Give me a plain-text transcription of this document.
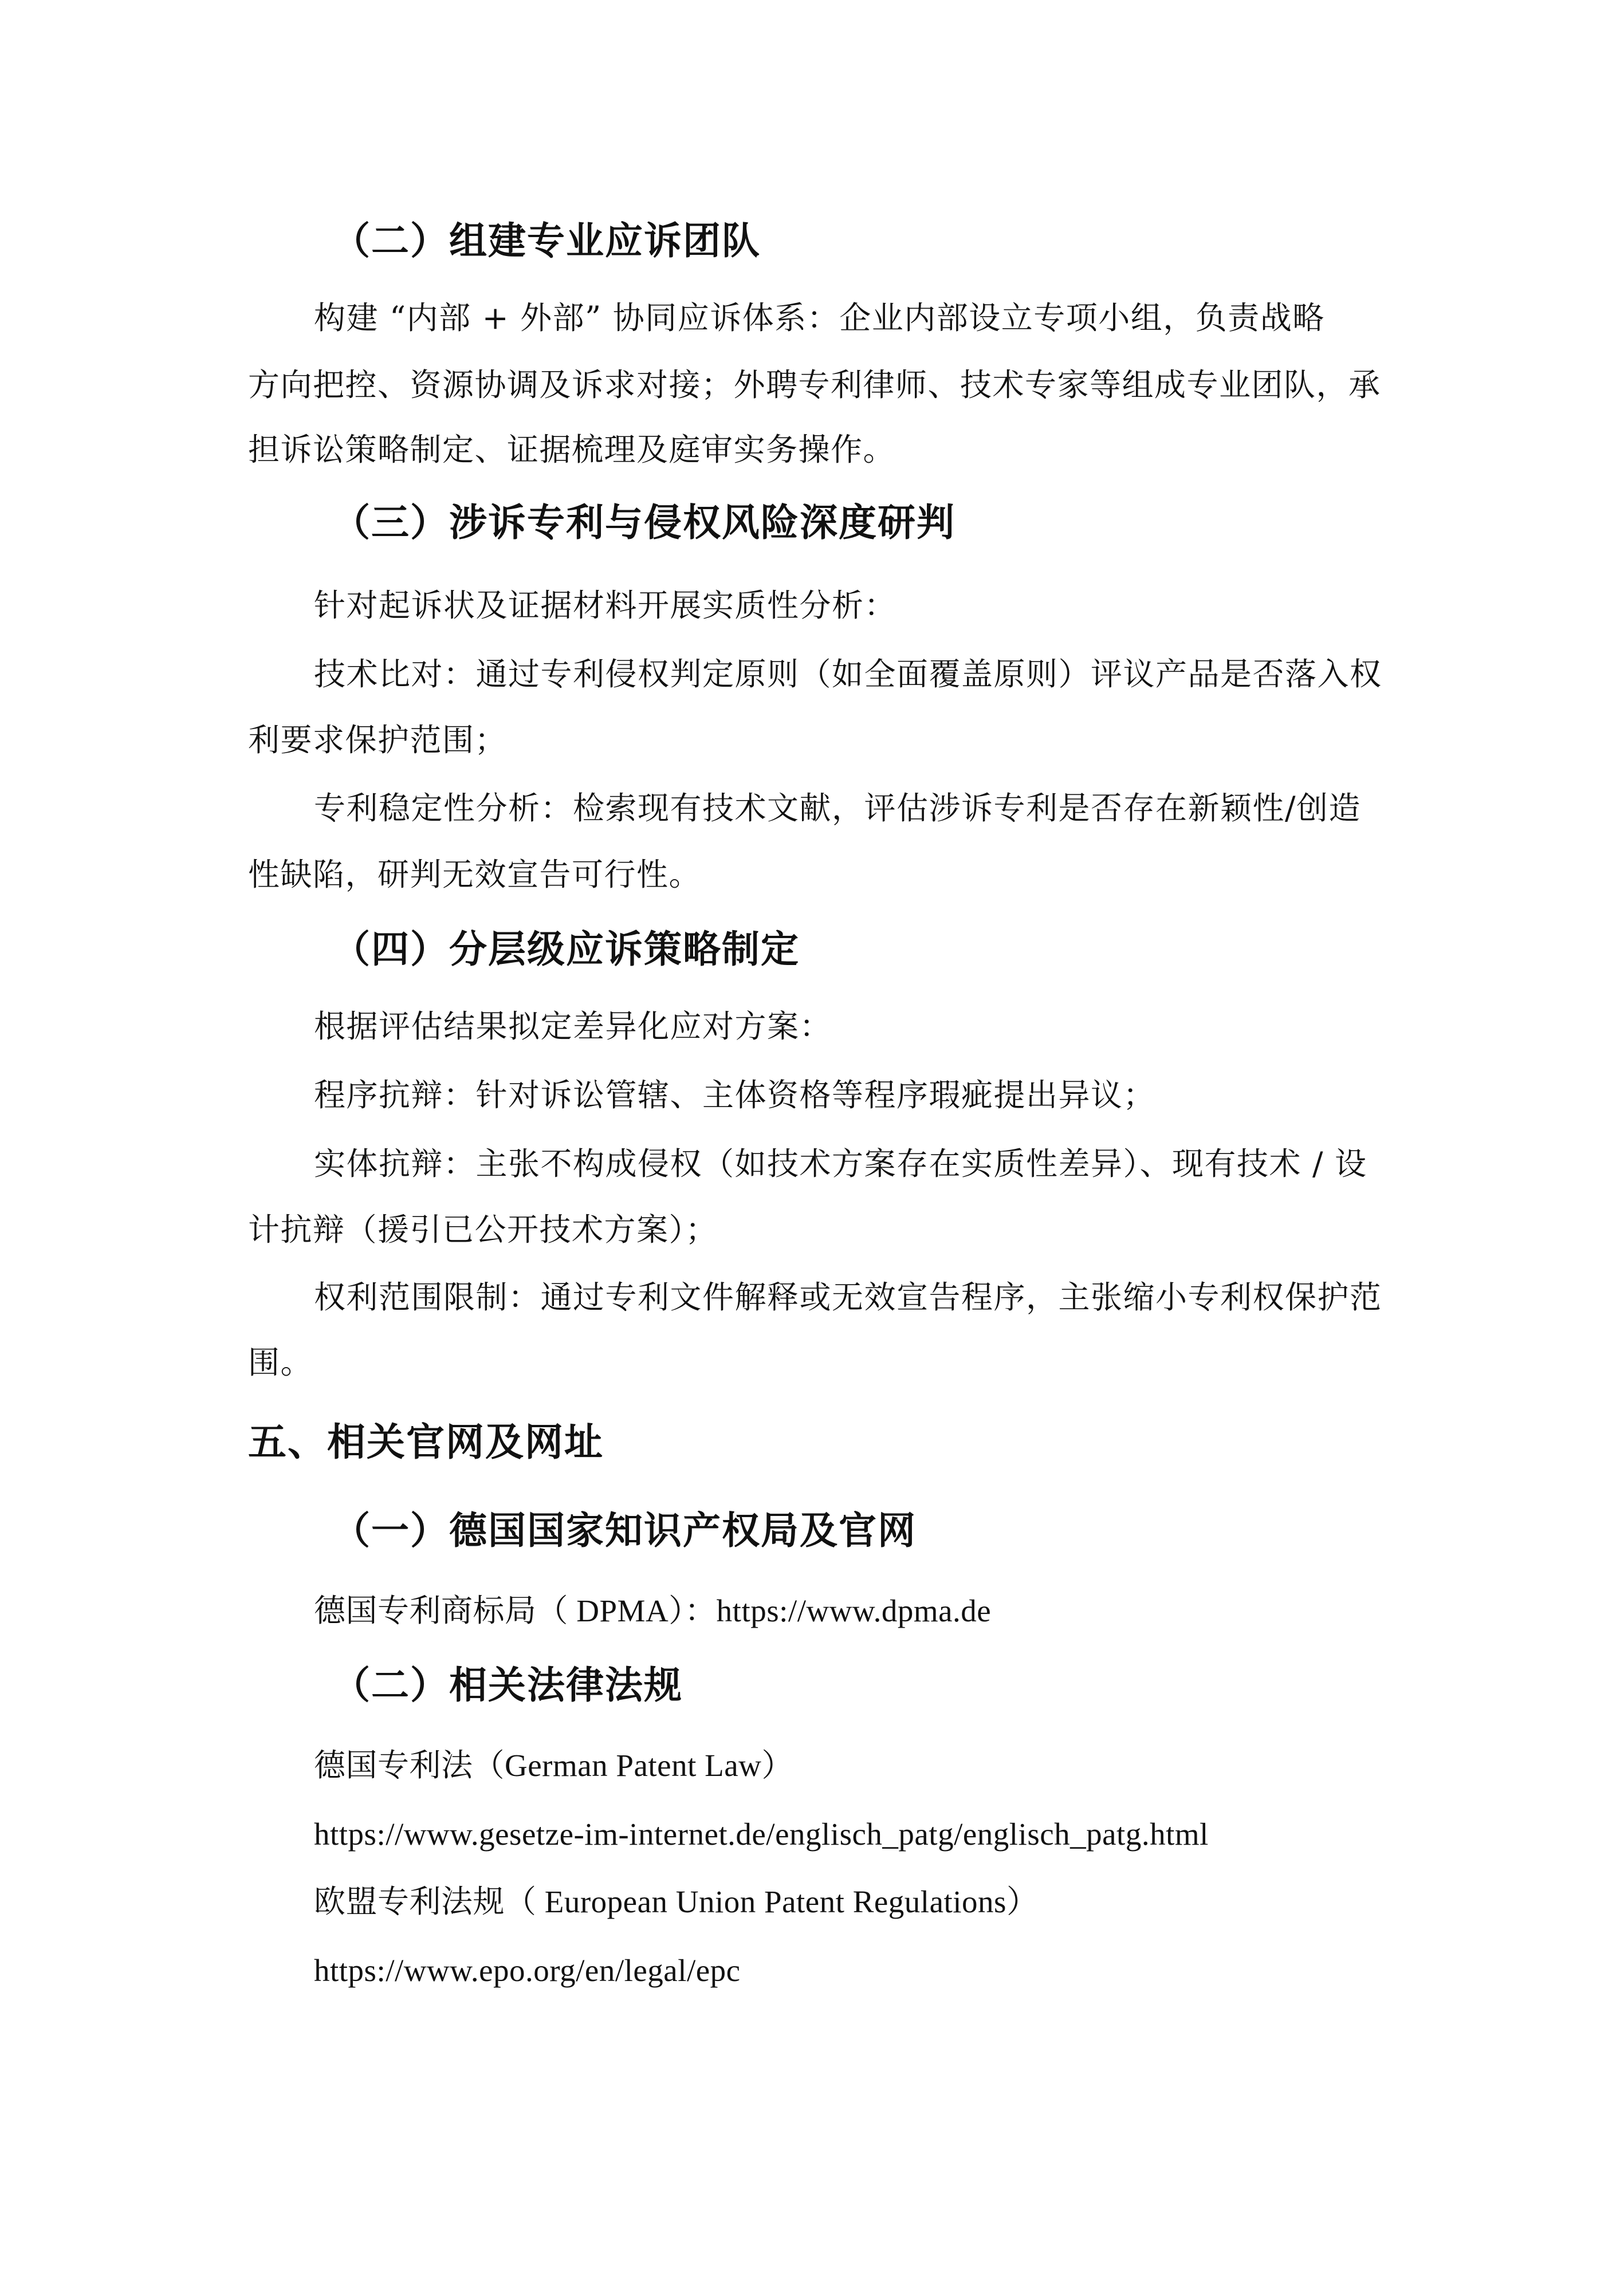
（二）组建专业应诉团队
构建 “内部 + 外部” 协同应诉体系：企业内部设立专项小组，负责战略
方向把控、资源协调及诉求对接；外聘专利律师、技术专家等组成专业团队，承
担诉讼策略制定、证据梳理及庭审实务操作。
（三）涉诉专利与侵权风险深度研判
针对起诉状及证据材料开展实质性分析：
技术比对：通过专利侵权判定原则（如全面覆盖原则）评议产品是否落入权
利要求保护范围；
专利稳定性分析：检索现有技术文献，评估涉诉专利是否存在新颖性/创造
性缺陷，研判无效宣告可行性。
（四）分层级应诉策略制定
根据评估结果拟定差异化应对方案：
程序抗辩：针对诉讼管辖、主体资格等程序瑕疵提出异议；
实体抗辩：主张不构成侵权（如技术方案存在实质性差异）、现有技术 / 设
计抗辩（援引已公开技术方案）；
权利范围限制：通过专利文件解释或无效宣告程序，主张缩小专利权保护范
围。
五、相关官网及网址
（一）德国国家知识产权局及官网
德国专利商标局（ DPMA）：https://www.dpma.de
（二）相关法律法规
德国专利法（German Patent Law）
https://www.gesetze-im-internet.de/englisch_patg/englisch_patg.html
欧盟专利法规（ European Union Patent Regulations）
https://www.epo.org/en/legal/epc
